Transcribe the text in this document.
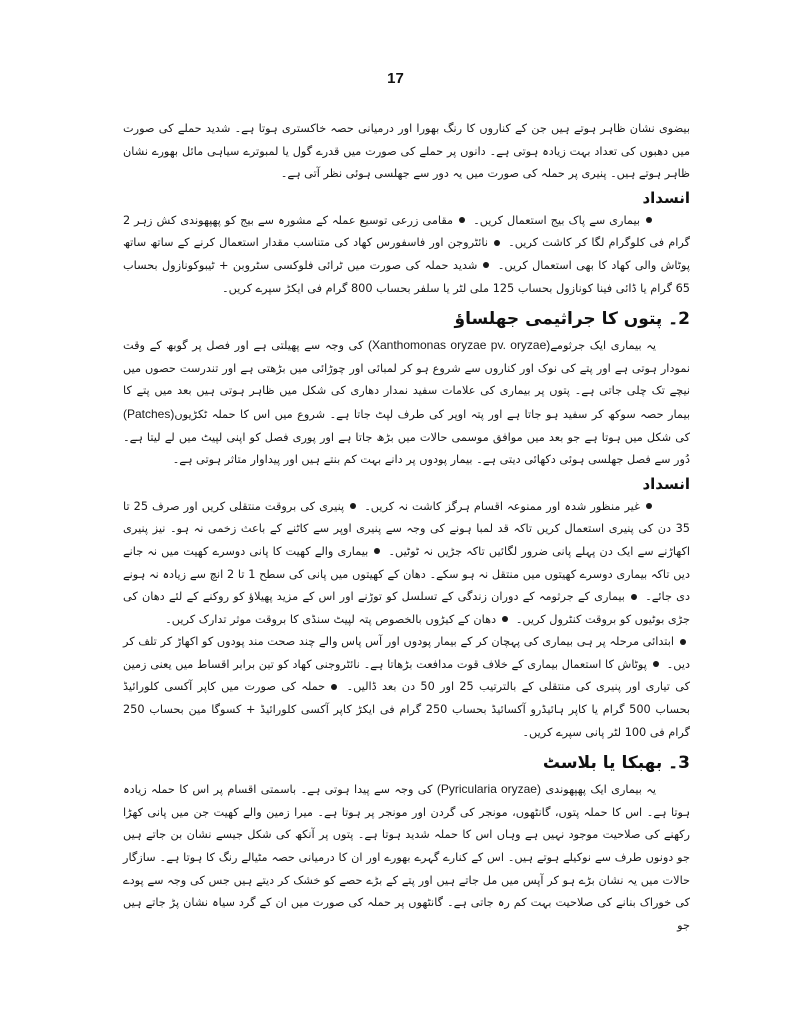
17

بیضوی نشان ظاہر ہوتے ہیں جن کے کناروں کا رنگ بھورا اور درمیانی حصہ خاکستری ہوتا ہے۔ شدید حملے کی صورت میں دھبوں کی تعداد بہت زیادہ ہوتی ہے۔ دانوں پر حملے کی صورت میں قدرے گول یا لمبوترے سیاہی مائل بھورے نشان ظاہر ہوتے ہیں۔ پنیری پر حملہ کی صورت میں یہ دور سے جھلسی ہوئی نظر آتی ہے۔

انسداد

بیماری سے پاک بیج استعمال کریں۔ مقامی زرعی توسیع عملہ کے مشورہ سے بیج کو پھپھوندی کش زہر 2 گرام فی کلوگرام لگا کر کاشت کریں۔ نائٹروجن اور فاسفورس کھاد کی متناسب مقدار استعمال کرنے کے ساتھ ساتھ پوٹاش والی کھاد کا بھی استعمال کریں۔ شدید حملہ کی صورت میں ٹرائی فلوکسی سٹروبن + ٹیبوکونازول بحساب 65 گرام یا ڈائی فینا کونازول بحساب 125 ملی لٹر یا سلفر بحساب 800 گرام فی ایکڑ سپرے کریں۔

2۔ پتوں کا جراثیمی جھلساؤ

یہ بیماری ایک جرثومے(Xanthomonas oryzae pv. oryzae) کی وجہ سے پھیلتی ہے اور فصل پر گوبھ کے وقت نمودار ہوتی ہے اور پتے کی نوک اور کناروں سے شروع ہو کر لمبائی اور چوڑائی میں بڑھتی ہے اور تندرست حصوں میں نیچے تک چلی جاتی ہے۔ پتوں پر بیماری کی علامات سفید نمدار دھاری کی شکل میں ظاہر ہوتی ہیں بعد میں پتے کا بیمار حصہ سوکھ کر سفید ہو جاتا ہے اور پتہ اوپر کی طرف لپٹ جاتا ہے۔ شروع میں اس کا حملہ ٹکڑیوں(Patches) کی شکل میں ہوتا ہے جو بعد میں موافق موسمی حالات میں بڑھ جاتا ہے اور پوری فصل کو اپنی لپیٹ میں لے لیتا ہے۔ دُور سے فصل جھلسی ہوئی دکھائی دیتی ہے۔ بیمار پودوں پر دانے بہت کم بنتے ہیں اور پیداوار متاثر ہوتی ہے۔

انسداد

غیر منظور شدہ اور ممنوعہ اقسام ہرگز کاشت نہ کریں۔ پنیری کی بروقت منتقلی کریں اور صرف 25 تا 35 دن کی پنیری استعمال کریں تاکہ قد لمبا ہونے کی وجہ سے پنیری اوپر سے کاٹنے کے باعث زخمی نہ ہو۔ نیز پنیری اکھاڑنے سے ایک دن پہلے پانی ضرور لگائیں تاکہ جڑیں نہ ٹوٹیں۔ بیماری والے کھیت کا پانی دوسرے کھیت میں نہ جانے دیں تاکہ بیماری دوسرے کھیتوں میں منتقل نہ ہو سکے۔ دھان کے کھیتوں میں پانی کی سطح 1 تا 2 انچ سے زیادہ نہ ہونے دی جائے۔ بیماری کے جرثومہ کے دوران زندگی کے تسلسل کو توڑنے اور اس کے مزید پھیلاؤ کو روکنے کے لئے دھان کی جڑی بوٹیوں کو بروقت کنٹرول کریں۔ دھان کے کیڑوں بالخصوص پتہ لپیٹ سنڈی کا بروقت موثر تدارک کریں۔

ابتدائی مرحلہ پر ہی بیماری کی پہچان کر کے بیمار پودوں اور آس پاس والے چند صحت مند پودوں کو اکھاڑ کر تلف کر دیں۔ پوٹاش کا استعمال بیماری کے خلاف قوت مدافعت بڑھاتا ہے۔ نائٹروجنی کھاد کو تین برابر اقساط میں یعنی زمین کی تیاری اور پنیری کی منتقلی کے بالترتیب 25 اور 50 دن بعد ڈالیں۔ حملہ کی صورت میں کاپر آکسی کلورائیڈ بحساب 500 گرام یا کاپر ہائیڈرو آکسائیڈ بحساب 250 گرام فی ایکڑ کاپر آکسی کلورائیڈ + کسوگا مین بحساب 250 گرام فی 100 لٹر پانی سپرے کریں۔

3۔ بھبکا یا بلاسٹ

یہ بیماری ایک پھپھوندی (Pyricularia oryzae) کی وجہ سے پیدا ہوتی ہے۔ باسمتی اقسام پر اس کا حملہ زیادہ ہوتا ہے۔ اس کا حملہ پتوں، گانٹھوں، مونجر کی گردن اور مونجر پر ہوتا ہے۔ میرا زمین والے کھیت جن میں پانی کھڑا رکھنے کی صلاحیت موجود نہیں ہے وہاں اس کا حملہ شدید ہوتا ہے۔ پتوں پر آنکھ کی شکل جیسے نشان بن جاتے ہیں جو دونوں طرف سے نوکیلے ہوتے ہیں۔ اس کے کنارے گہرے بھورے اور ان کا درمیانی حصہ مٹیالے رنگ کا ہوتا ہے۔ سازگار حالات میں یہ نشان بڑے ہو کر آپس میں مل جاتے ہیں اور پتے کے بڑے حصے کو خشک کر دیتے ہیں جس کی وجہ سے پودے کی خوراک بنانے کی صلاحیت بہت کم رہ جاتی ہے۔ گانٹھوں پر حملہ کی صورت میں ان کے گرد سیاہ نشان پڑ جاتے ہیں جو
